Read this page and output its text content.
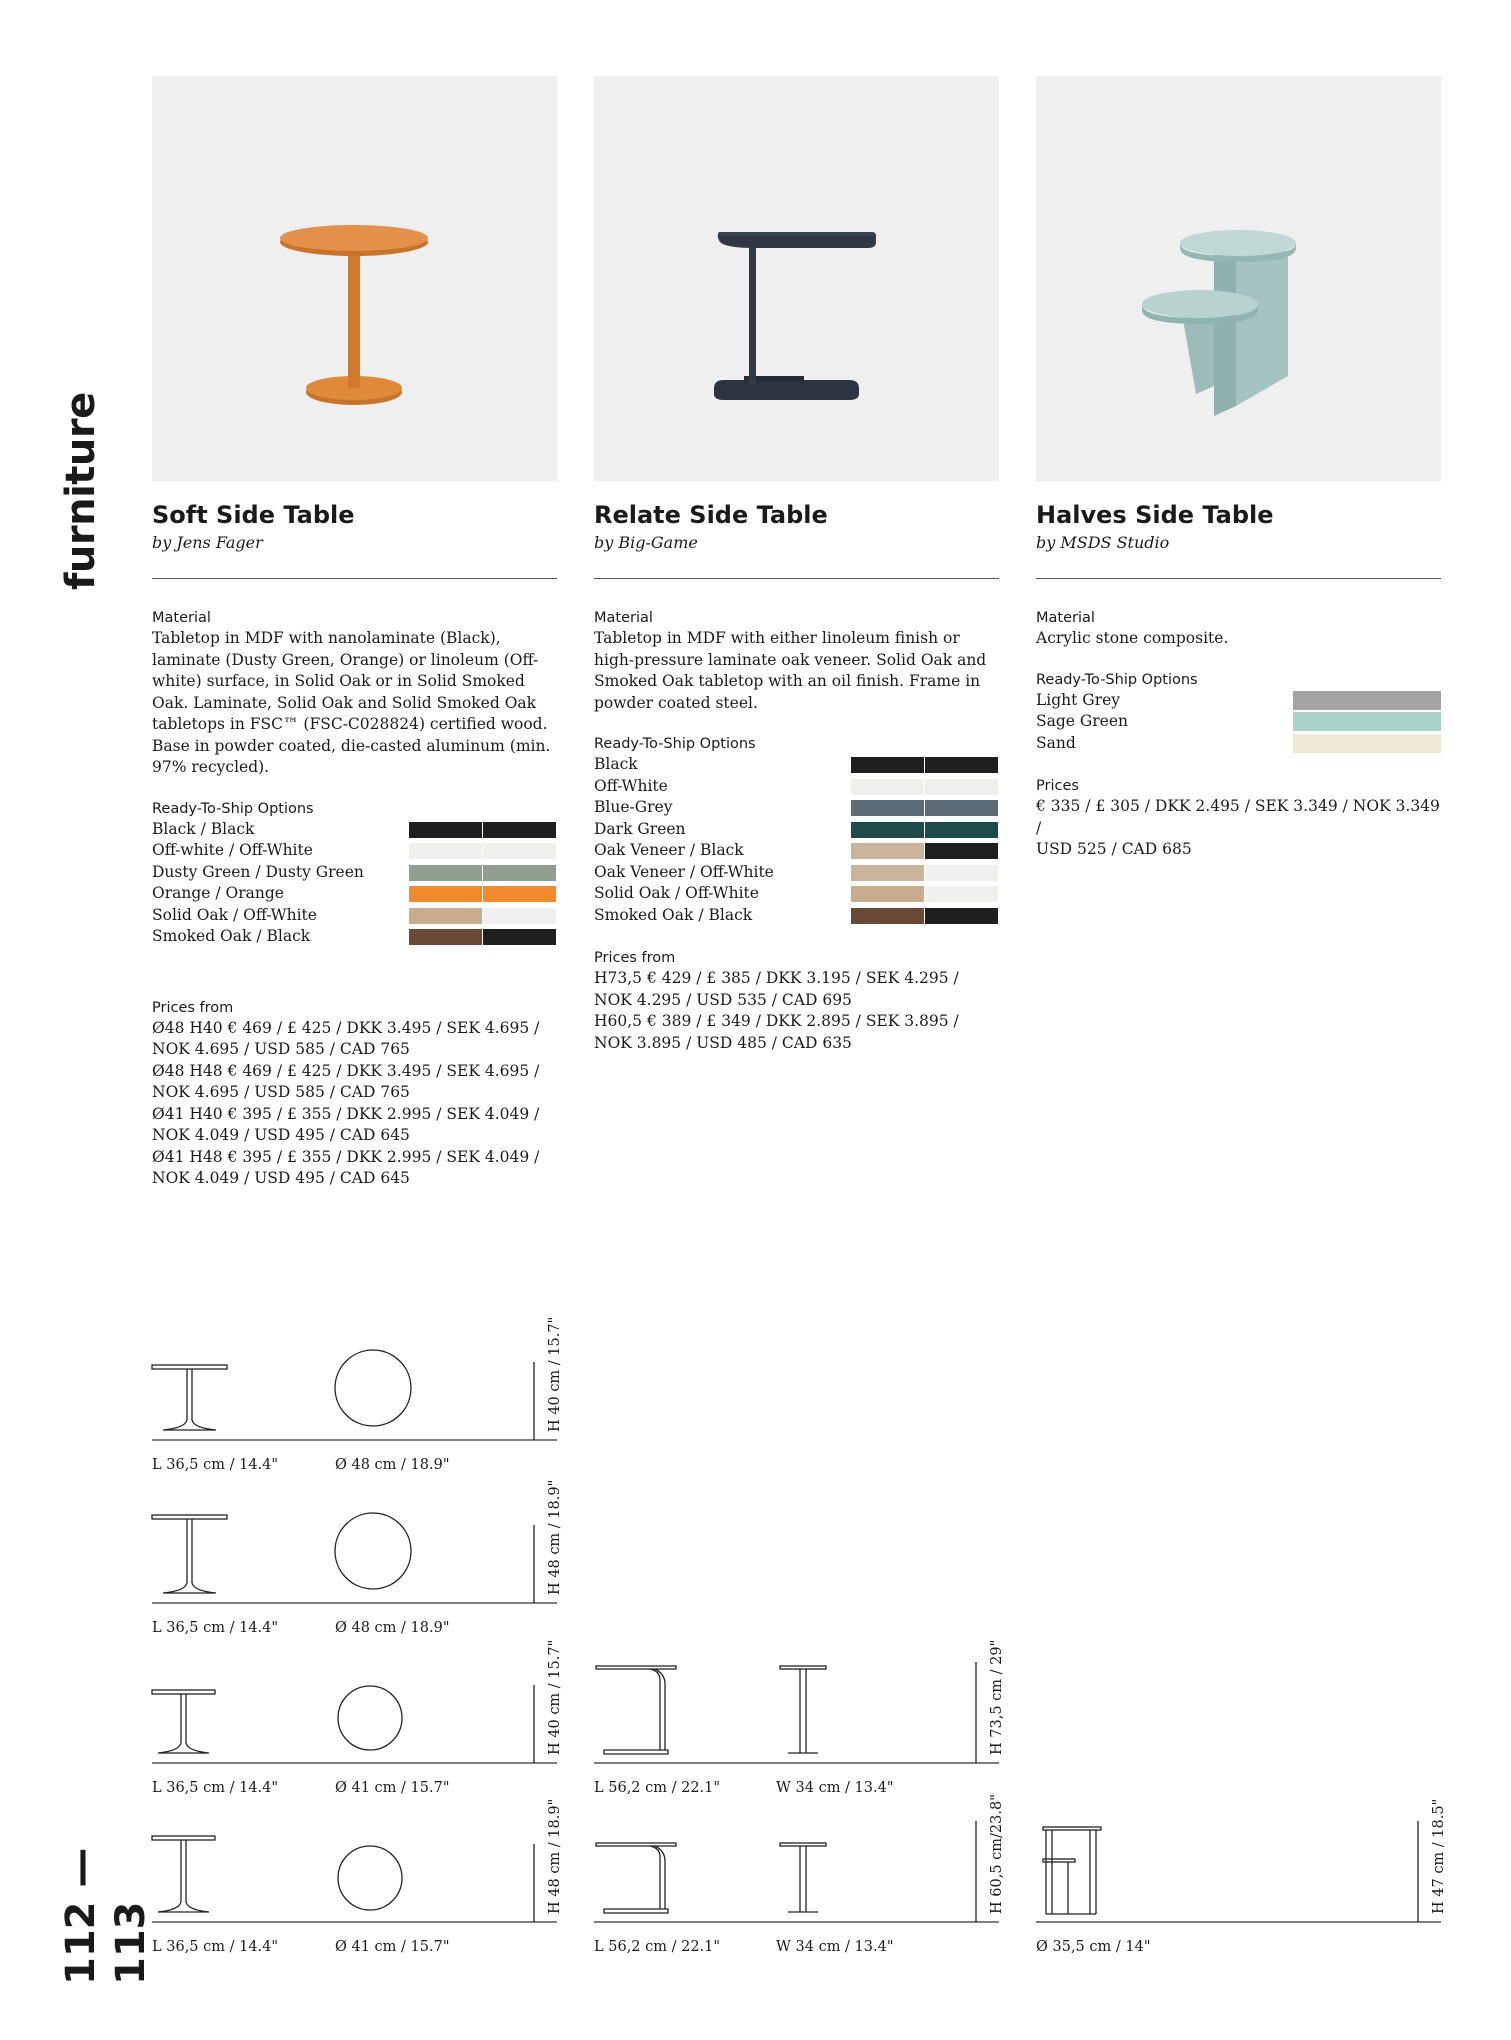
furniture
112 — 113
Soft Side Table
by Jens Fager
Material
Tabletop in MDF with nanolaminate (Black), laminate (Dusty Green, Orange) or linoleum (Off-white) surface, in Solid Oak or in Solid Smoked Oak. Laminate, Solid Oak and Solid Smoked Oak tabletops in FSC™ (FSC-C028824) certified wood. Base in powder coated, die-casted aluminum (min. 97% recycled).
Ready-To-Ship Options
Black / Black
Off-white / Off-White
Dusty Green / Dusty Green
Orange / Orange
Solid Oak / Off-White
Smoked Oak / Black
Prices from
Ø48 H40 € 469 / £ 425 / DKK 3.495 / SEK 4.695 /
NOK 4.695 / USD 585 / CAD 765
Ø48 H48 € 469 / £ 425 / DKK 3.495 / SEK 4.695 /
NOK 4.695 / USD 585 / CAD 765
Ø41 H40 € 395 / £ 355 / DKK 2.995 / SEK 4.049 /
NOK 4.049 / USD 495 / CAD 645
Ø41 H48 € 395 / £ 355 / DKK 2.995 / SEK 4.049 /
NOK 4.049 / USD 495 / CAD 645
Relate Side Table
by Big-Game
Material
Tabletop in MDF with either linoleum finish or high-pressure laminate oak veneer. Solid Oak and Smoked Oak tabletop with an oil finish. Frame in powder coated steel.
Ready-To-Ship Options
Black
Off-White
Blue-Grey
Dark Green
Oak Veneer / Black
Oak Veneer / Off-White
Solid Oak / Off-White
Smoked Oak / Black
Prices from
H73,5 € 429 / £ 385 / DKK 3.195 / SEK 4.295 /
NOK 4.295 / USD 535 / CAD 695
H60,5 € 389 / £ 349 / DKK 2.895 / SEK 3.895 /
NOK 3.895 / USD 485 / CAD 635
Halves Side Table
by MSDS Studio
Material
Acrylic stone composite.
Ready-To-Ship Options
Light Grey
Sage Green
Sand
Prices
€ 335 / £ 305 / DKK 2.495 / SEK 3.349 / NOK 3.349 /
USD 525 / CAD 685
L 36,5 cm / 14.4"	Ø 48 cm / 18.9"
H 40 cm / 15.7"
L 36,5 cm / 14.4"	Ø 48 cm / 18.9"
H 48 cm / 18.9"
L 36,5 cm / 14.4"	Ø 41 cm / 15.7"
H 40 cm / 15.7"
L 36,5 cm / 14.4"	Ø 41 cm / 15.7"
H 48 cm / 18.9"
L 56,2 cm / 22.1"	W 34 cm / 13.4"
H 73,5 cm / 29"
L 56,2 cm / 22.1"	W 34 cm / 13.4"
H 60,5 cm/23.8"
Ø 35,5 cm / 14"
H 47 cm / 18.5"
